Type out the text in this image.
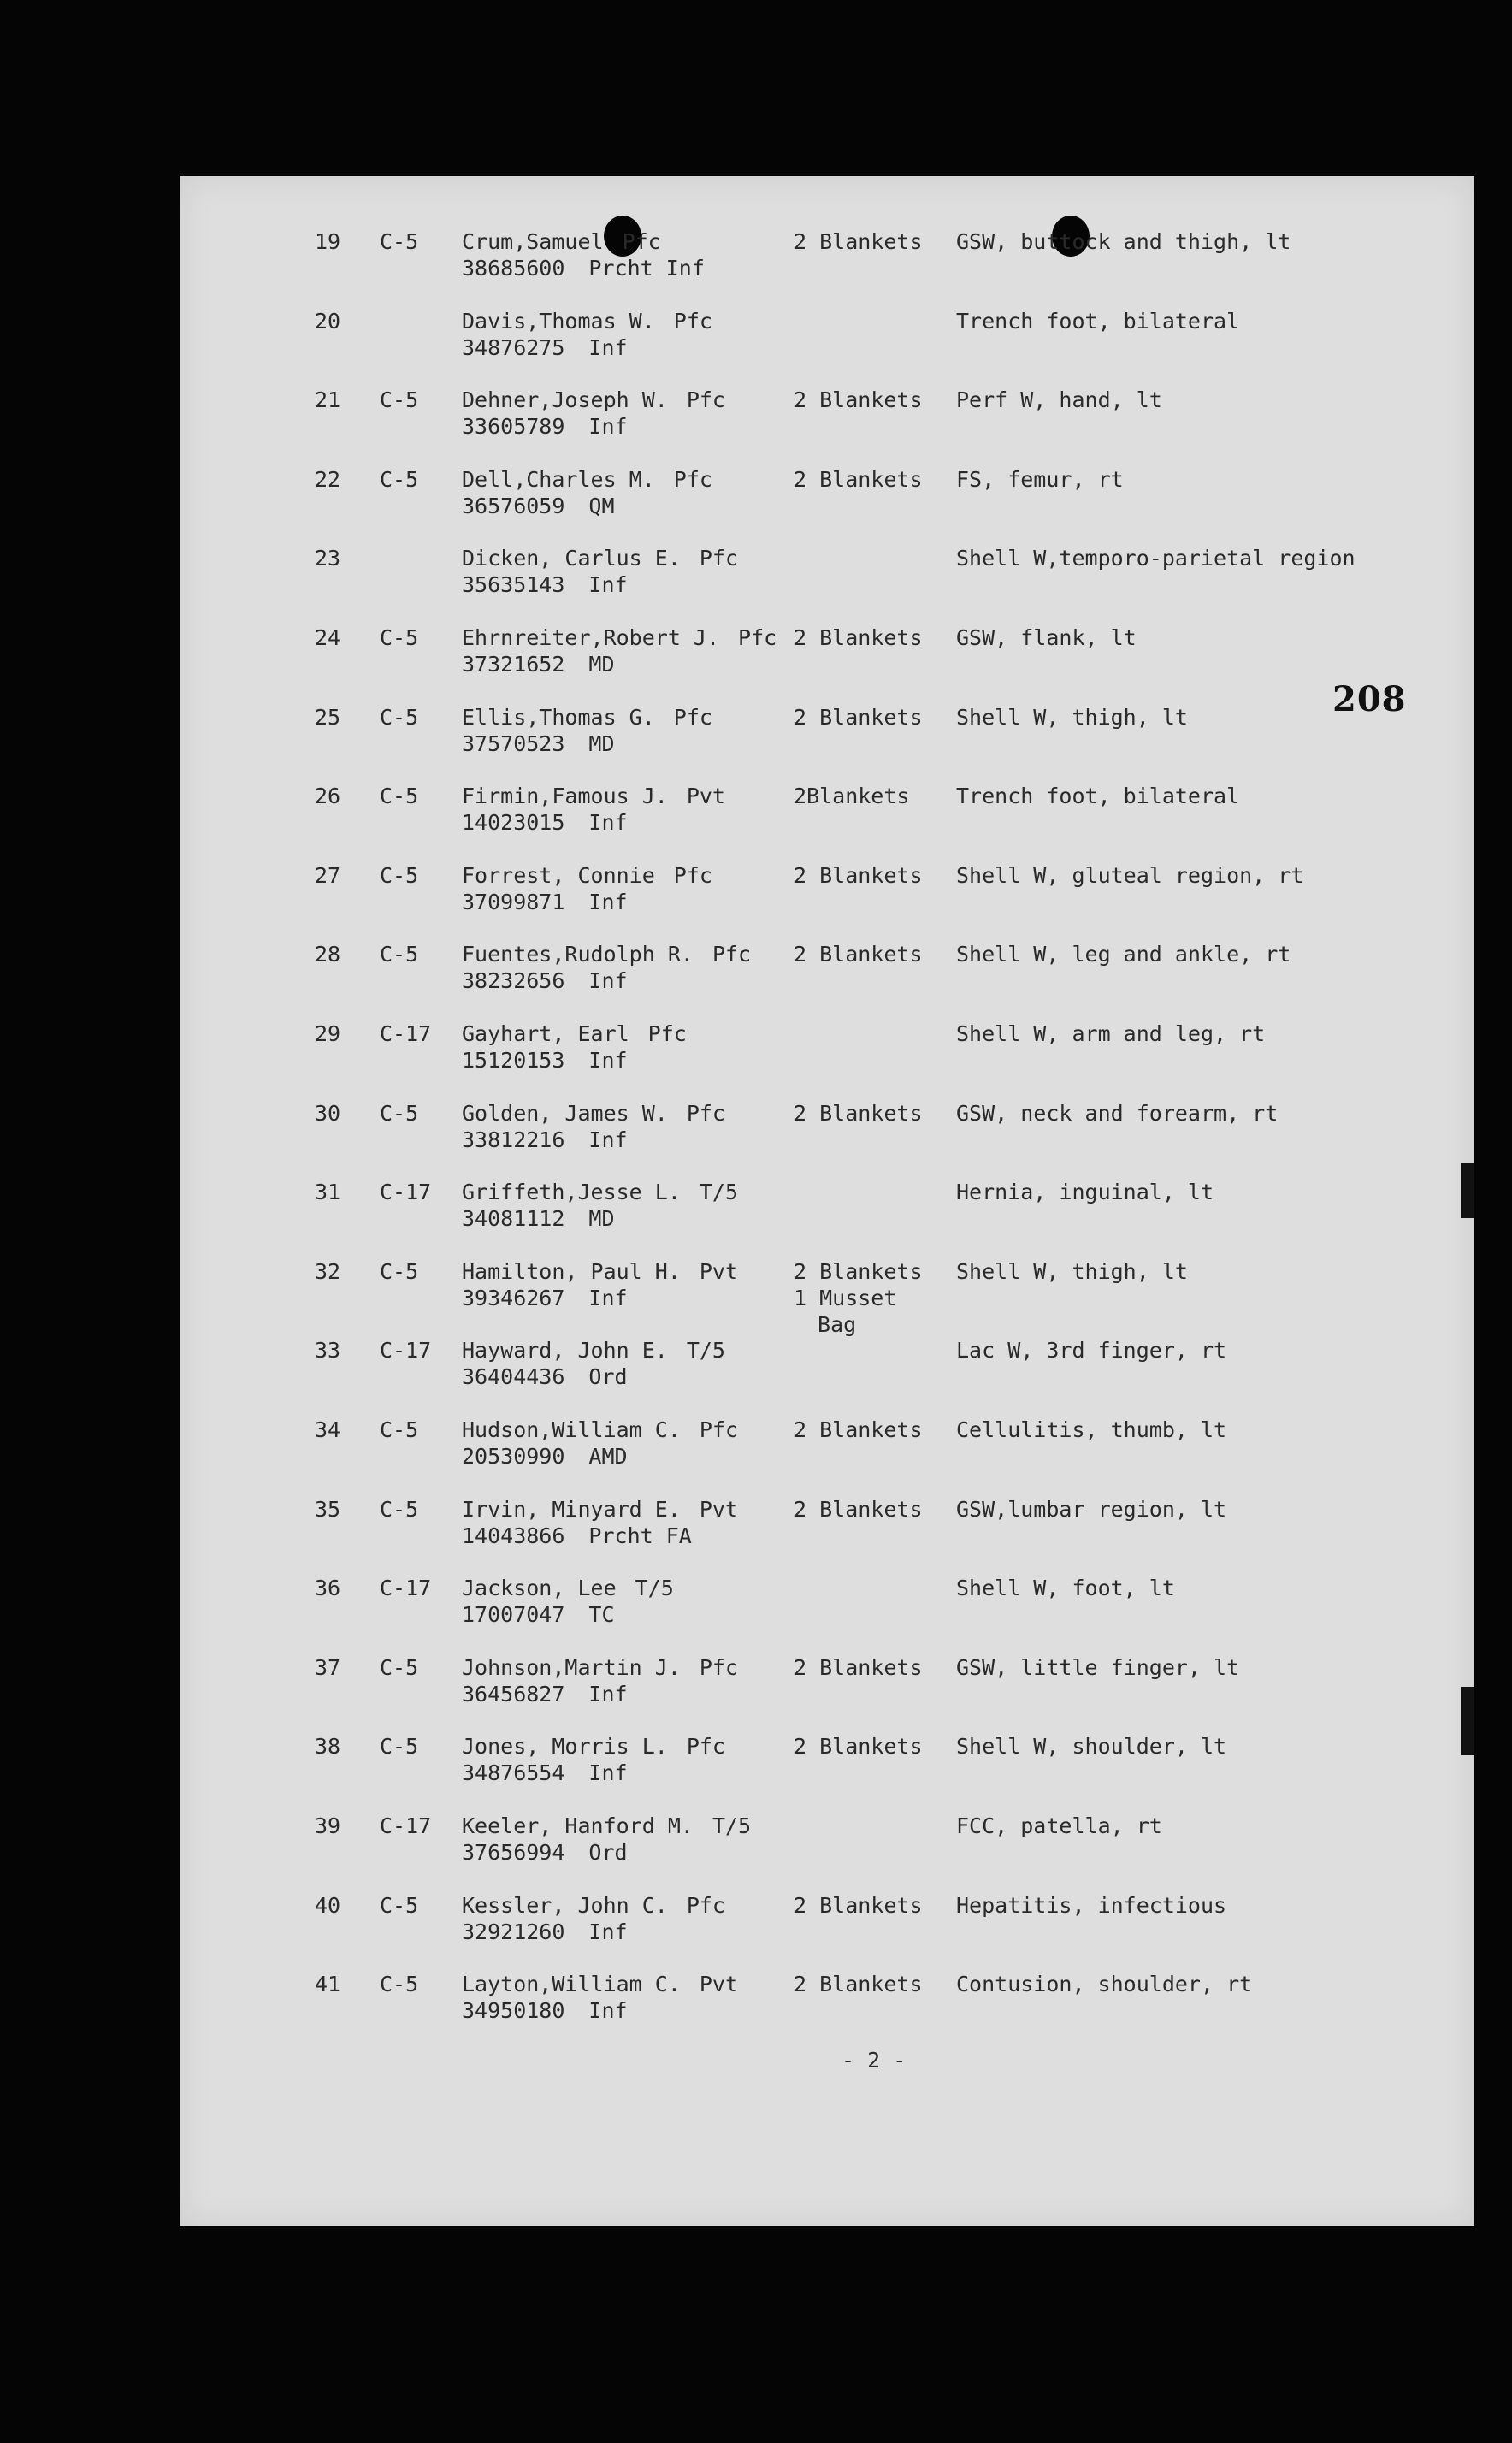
208
19 C-5 Crum,Samuel Pfc
38685600 Prcht Inf
2 Blankets GSW, buttock and thigh, lt
20	Davis,Thomas W. Pfc
34876275 Inf
Trench foot, bilateral
21 C-5 Dehner,Joseph W. Pfc
33605789 Inf
2 Blankets Perf W, hand, lt
22 C-5 Dell,Charles M. Pfc
36576059 QM
2 Blankets FS, femur, rt
23	Dicken, Carlus E. Pfc
35635143 Inf
Shell W,temporo-parietal region
24 C-5 Ehrnreiter,Robert J. Pfc
37321652 MD
2 Blankets GSW, flank, lt
25 C-5 Ellis,Thomas G. Pfc
37570523 MD
2 Blankets Shell W, thigh, lt
26 C-5 Firmin,Famous J. Pvt
14023015 Inf
2Blankets Trench foot, bilateral
27 C-5 Forrest, Connie Pfc
37099871 Inf
2 Blankets Shell W, gluteal region, rt
28 C-5 Fuentes,Rudolph R. Pfc
38232656 Inf
2 Blankets Shell W, leg and ankle, rt
29 C-17 Gayhart, Earl Pfc
15120153 Inf
Shell W, arm and leg, rt
30 C-5 Golden, James W. Pfc
33812216 Inf
2 Blankets GSW, neck and forearm, rt
31 C-17 Griffeth,Jesse L. T/5
34081112 MD
Hernia, inguinal, lt
32 C-5 Hamilton, Paul H. Pvt
39346267 Inf
2 Blankets
1 Musset
Bag
Shell W, thigh, lt
33 C-17 Hayward, John E. T/5
36404436 Ord
Lac W, 3rd finger, rt
34 C-5 Hudson,William C. Pfc
20530990 AMD
2 Blankets Cellulitis, thumb, lt
35 C-5 Irvin, Minyard E. Pvt
14043866 Prcht FA
2 Blankets GSW,lumbar region, lt
36 C-17 Jackson, Lee T/5
17007047 TC
Shell W, foot, lt
37 C-5 Johnson,Martin J. Pfc
36456827 Inf
2 Blankets GSW, little finger, lt
38 C-5 Jones, Morris L. Pfc
34876554 Inf
2 Blankets Shell W, shoulder, lt
39 C-17 Keeler, Hanford M. T/5
37656994 Ord
FCC, patella, rt
40 C-5 Kessler, John C. Pfc
32921260 Inf
2 Blankets Hepatitis, infectious
41 C-5 Layton,William C. Pvt
34950180 Inf
2 Blankets Contusion, shoulder, rt
- 2 -
